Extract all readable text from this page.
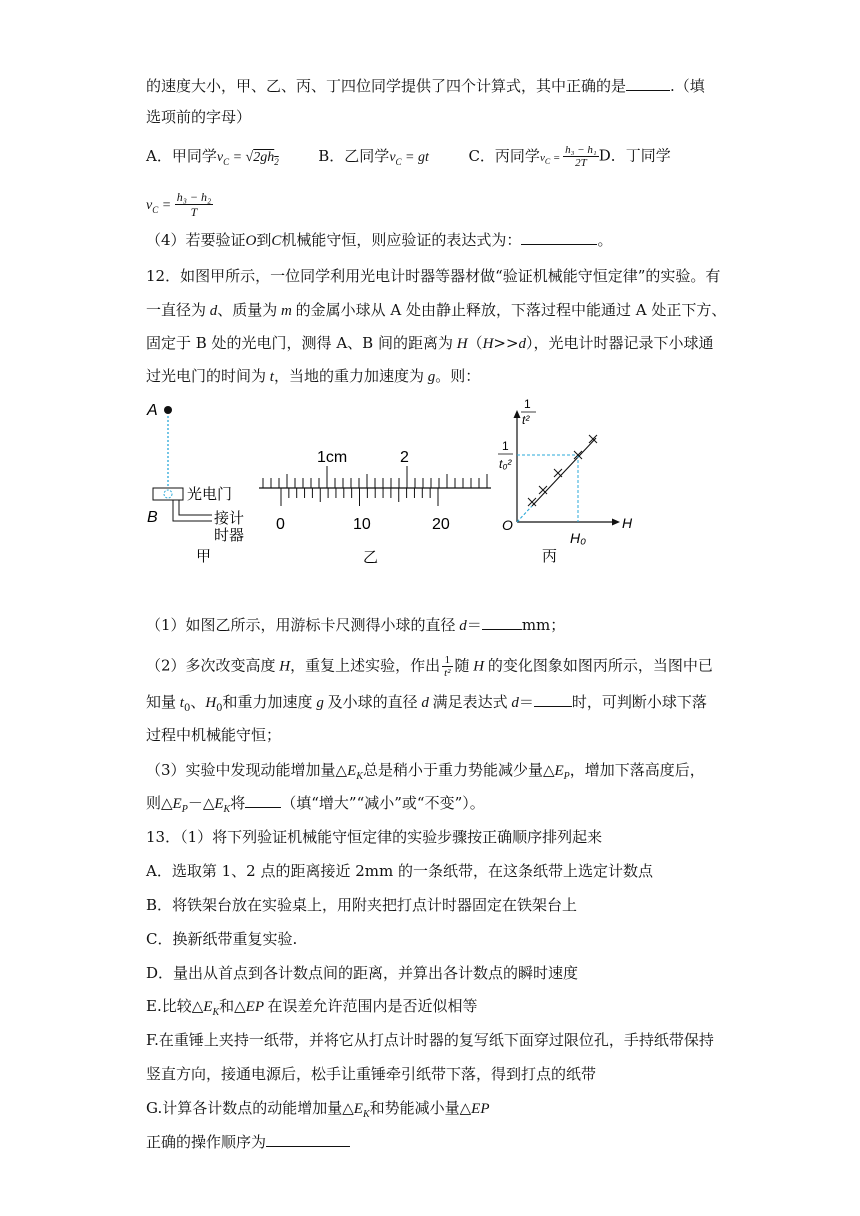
的速度大小，甲、乙、丙、丁四位同学提供了四个计算式，其中正确的是	.（填
选项前的字母）
A．甲同学$v_C = √2gh_2$	B．乙同学$v_C$ = gt	C．丙同学$v_C = \frac{\text{h₃ − h₁}}{2T}$ D．丁同学
$v_C = \frac{\text{h₃ − h₂}}{T}$
（4）若要验证O到C机械能守恒，则应验证的表达式为：	。
12．如图甲所示，一位同学利用光电计时器等器材做“验证机械能守恒定律”的实验。有
一直径为 d、质量为 m 的金属小球从 A 处由静止释放，下落过程中能通过 A 处正下方、
固定于 B 处的光电门，测得 A、B 间的距离为 H（H>>d），光电计时器记录下小球通
过光电门的时间为 t，当地的重力加速度为 g。则：
A
光电门
B	接计
时器
甲
1cm	2
0	10	20
乙
1
t²
1
t₀²
O	H
H₀
丙
（1）如图乙所示，用游标卡尺测得小球的直径 d＝	mm；
（2）多次改变高度 H，重复上述实验，作出 $\frac{1}{\text{t²}}$ 随 H 的变化图象如图丙所示，当图中已
知量 $t_0$、$H_0$和重力加速度 g 及小球的直径 d 满足表达式 d＝	时，可判断小球下落
过程中机械能守恒；
（3）实验中发现动能增加量$\triangle E_K$总是稍小于重力势能减少量$\triangle E_P$，增加下落高度后，
则$\triangle E_P-\triangle E_K$将 （填“增大”“减小”或“不变”）。
13．（1）将下列验证机械能守恒定律的实验步骤按正确顺序排列起来
A．选取第 1、2 点的距离接近 2mm 的一条纸带，在这条纸带上选定计数点
B．将铁架台放在实验桌上，用附夹把打点计时器固定在铁架台上
C．换新纸带重复实验.
D．量出从首点到各计数点间的距离，并算出各计数点的瞬时速度
E.比较$\triangle E_K$和△EP 在误差允许范围内是否近似相等
F.在重锤上夹持一纸带，并将它从打点计时器的复写纸下面穿过限位孔，手持纸带保持
竖直方向，接通电源后，松手让重锤牵引纸带下落，得到打点的纸带
G.计算各计数点的动能增加量$\triangle E_K$和势能减小量△EP
正确的操作顺序为
